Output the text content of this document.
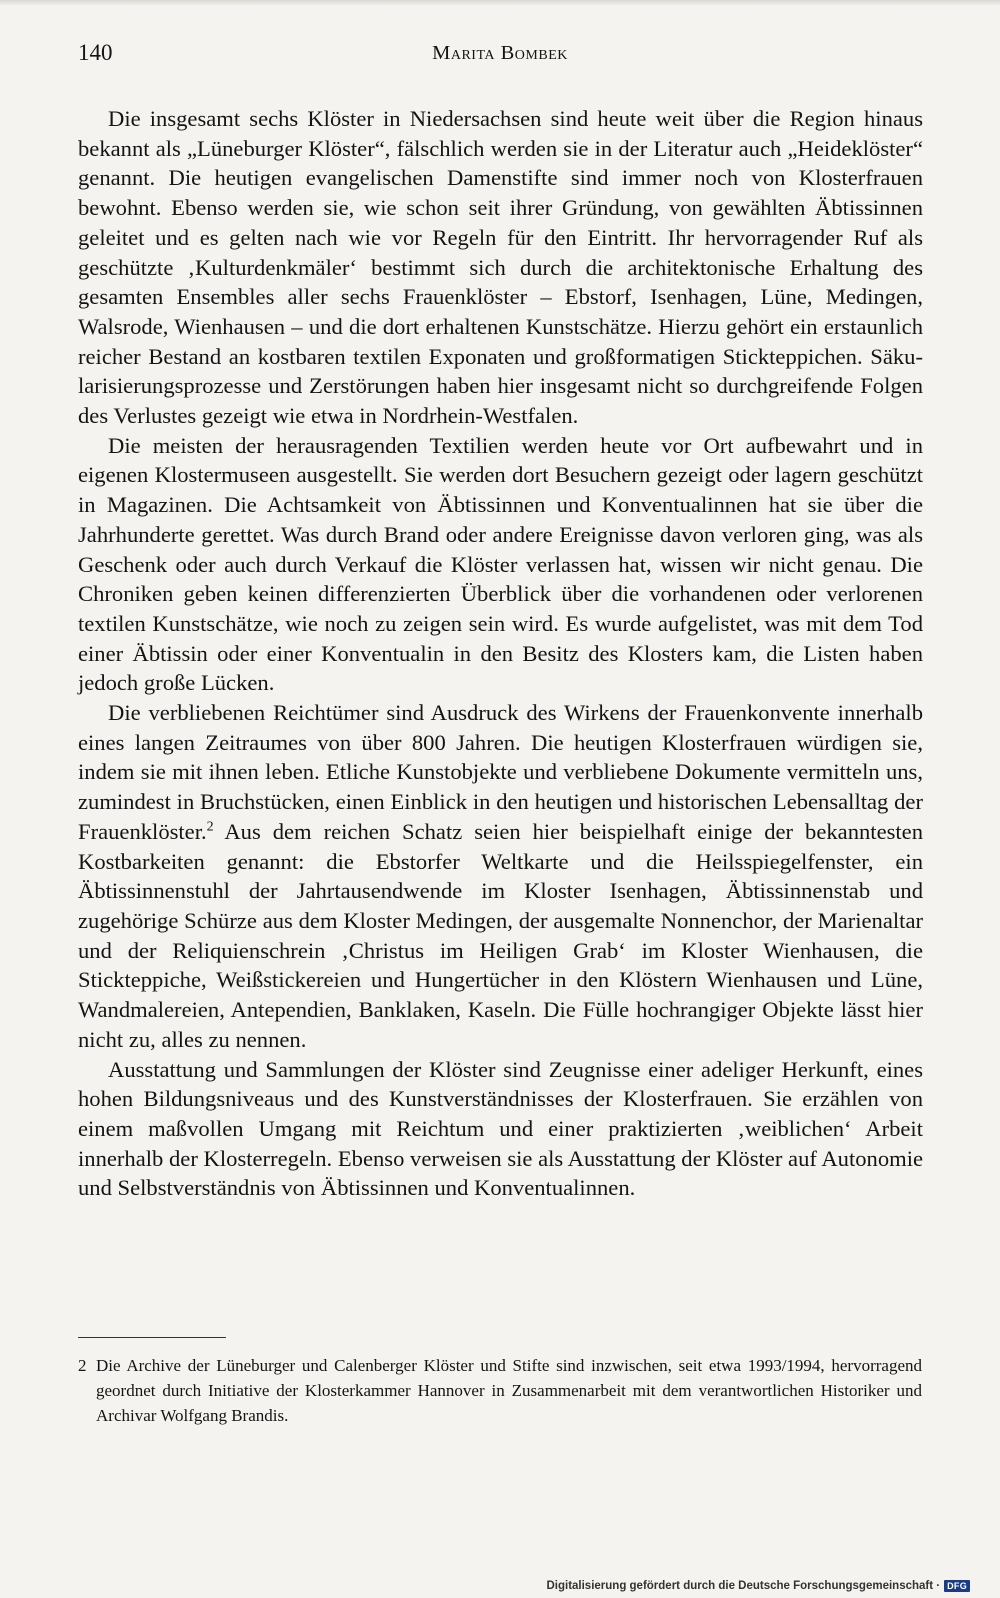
140	Marita Bombek

Die insgesamt sechs Klöster in Niedersachsen sind heute weit über die Region hinaus bekannt als „Lüneburger Klöster“, fälschlich werden sie in der Literatur auch „Heideklöster“ genannt. Die heutigen evangelischen Damenstifte sind immer noch von Klosterfrauen bewohnt. Ebenso werden sie, wie schon seit ihrer Gründung, von gewählten Äbtissinnen geleitet und es gelten nach wie vor Regeln für den Eintritt. Ihr hervorragender Ruf als geschützte ‚Kulturdenkmäler‘ bestimmt sich durch die architektonische Erhaltung des gesamten Ensembles aller sechs Frauenklöster – Ebstorf, Isenhagen, Lüne, Medingen, Walsrode, Wienhausen – und die dort erhaltenen Kunstschätze. Hierzu gehört ein erstaunlich reicher Bestand an kostbaren textilen Exponaten und großformatigen Stickteppichen. Säkularisierungsprozesse und Zerstörungen haben hier insgesamt nicht so durchgreifende Folgen des Verlustes gezeigt wie etwa in Nordrhein-Westfalen.

Die meisten der herausragenden Textilien werden heute vor Ort aufbewahrt und in eigenen Klostermuseen ausgestellt. Sie werden dort Besuchern gezeigt oder lagern geschützt in Magazinen. Die Achtsamkeit von Äbtissinnen und Konventualinnen hat sie über die Jahrhunderte gerettet. Was durch Brand oder andere Ereignisse davon verloren ging, was als Geschenk oder auch durch Verkauf die Klöster verlassen hat, wissen wir nicht genau. Die Chroniken geben keinen differenzierten Überblick über die vorhandenen oder verlorenen textilen Kunstschätze, wie noch zu zeigen sein wird. Es wurde aufgelistet, was mit dem Tod einer Äbtissin oder einer Konventualin in den Besitz des Klosters kam, die Listen haben jedoch große Lücken.

Die verbliebenen Reichtümer sind Ausdruck des Wirkens der Frauenkonvente innerhalb eines langen Zeitraumes von über 800 Jahren. Die heutigen Klosterfrauen würdigen sie, indem sie mit ihnen leben. Etliche Kunstobjekte und verbliebene Dokumente vermitteln uns, zumindest in Bruchstücken, einen Einblick in den heutigen und historischen Lebensalltag der Frauenklöster.$^2$ Aus dem reichen Schatz seien hier beispielhaft einige der bekanntesten Kostbarkeiten genannt: die Ebstorfer Weltkarte und die Heilsspiegelfenster, ein Äbtissinnenstuhl der Jahrtausendwende im Kloster Isenhagen, Äbtissinnenstab und zugehörige Schürze aus dem Kloster Medingen, der ausgemalte Nonnenchor, der Marienaltar und der Reliquienschrein ‚Christus im Heiligen Grab‘ im Kloster Wienhausen, die Stickteppiche, Weißstickereien und Hungertücher in den Klöstern Wienhausen und Lüne, Wandmalereien, Antependien, Banklaken, Kaseln. Die Fülle hochrangiger Objekte lässt hier nicht zu, alles zu nennen.

Ausstattung und Sammlungen der Klöster sind Zeugnisse einer adeliger Herkunft, eines hohen Bildungsniveaus und des Kunstverständnisses der Klosterfrauen. Sie erzählen von einem maßvollen Umgang mit Reichtum und einer praktizierten ‚weiblichen‘ Arbeit innerhalb der Klosterregeln. Ebenso verweisen sie als Ausstattung der Klöster auf Autonomie und Selbstverständnis von Äbtissinnen und Konventualinnen.

2 Die Archive der Lüneburger und Calenberger Klöster und Stifte sind inzwischen, seit etwa 1993/1994, hervorragend geordnet durch Initiative der Klosterkammer Hannover in Zusammenarbeit mit dem verantwortlichen Historiker und Archivar Wolfgang Brandis.
Digitalisierung gefördert durch die Deutsche Forschungsgemeinschaft · DFG
